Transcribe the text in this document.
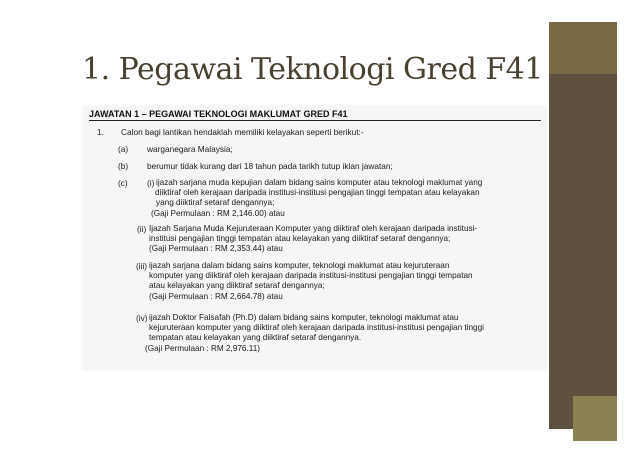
1. Pegawai Teknologi Gred F41
JAWATAN 1 – PEGAWAI TEKNOLOGI MAKLUMAT GRED F41
1. Calon bagi lantikan hendaklah memiliki kelayakan seperti berikut:-
(a) warganegara Malaysia;
(b) berumur tidak kurang dari 18 tahun pada tarikh tutup iklan jawatan;
(c) (i) ijazah sarjana muda kepujian dalam bidang sains komputer atau teknologi maklumat yang
diiktiraf oleh kerajaan daripada institusi-institusi pengajian tinggi tempatan atau kelayakan
yang diiktiraf setaraf dengannya;
(Gaji Permulaan : RM 2,146.00) atau
(ii) Ijazah Sarjana Muda Kejuruteraan Komputer yang diiktiraf oleh kerajaan daripada institusi-
institusi pengajian tinggi tempatan atau kelayakan yang diiktiraf setaraf dengannya;
(Gaji Permulaan : RM 2,353.44) atau
(iii) ijazah sarjana dalam bidang sains komputer, teknologi maklumat atau kejuruteraan
komputer yang diiktiraf oleh kerajaan daripada institusi-institusi pengajian tinggi tempatan
atau kelayakan yang diiktiraf setaraf dengannya;
(Gaji Permulaan : RM 2,664.78) atau
(iv) ijazah Doktor Falsafah (Ph.D) dalam bidang sains komputer, teknologi maklumat atau
kejuruteraan komputer yang diiktiraf oleh kerajaan daripada institusi-institusi pengajian tinggi
tempatan atau kelayakan yang diiktiraf setaraf dengannya.
(Gaji Permulaan : RM 2,976.11)
